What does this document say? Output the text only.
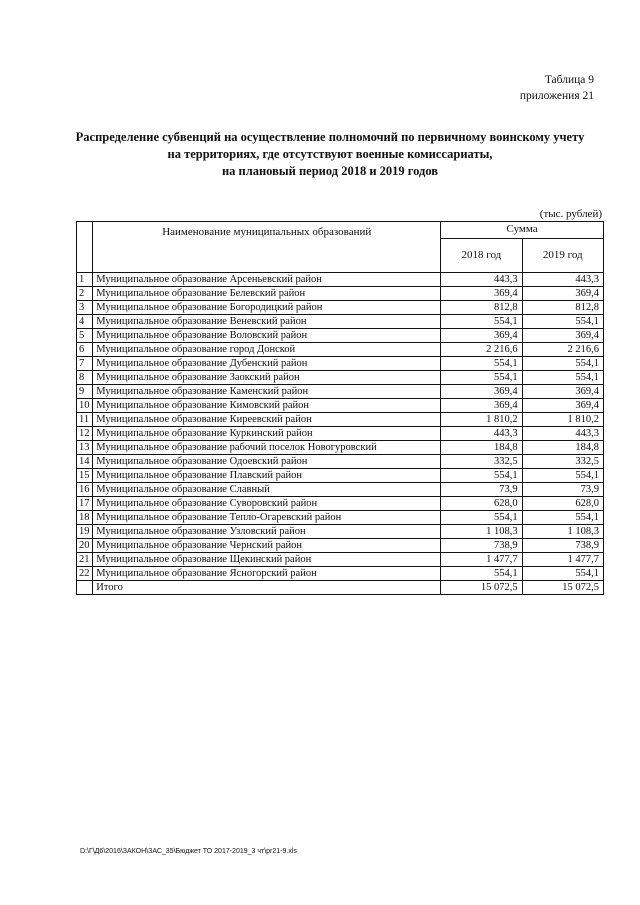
Таблица 9
приложения 21
Распределение субвенций на осуществление полномочий по первичному воинскому учету
на территориях, где отсутствуют военные комиссариаты,
на плановый период 2018 и 2019 годов
(тыс. рублей)
	Наименование муниципальных образований	Сумма	
		2018 год	2019 год
1	Муниципальное образование Арсеньевский район	443,3	443,3
2	Муниципальное образование Белевский район	369,4	369,4
3	Муниципальное образование Богородицкий район	812,8	812,8
4	Муниципальное образование Веневский район	554,1	554,1
5	Муниципальное образование Воловский район	369,4	369,4
6	Муниципальное образование город Донской	2 216,6	2 216,6
7	Муниципальное образование Дубенский район	554,1	554,1
8	Муниципальное образование Заокский район	554,1	554,1
9	Муниципальное образование Каменский район	369,4	369,4
10	Муниципальное образование Кимовский район	369,4	369,4
11	Муниципальное образование Киреевский район	1 810,2	1 810,2
12	Муниципальное образование Куркинский район	443,3	443,3
13	Муниципальное образование рабочий поселок Новогуровский	184,8	184,8
14	Муниципальное образование Одоевский район	332,5	332,5
15	Муниципальное образование Плавский район	554,1	554,1
16	Муниципальное образование Славный	73,9	73,9
17	Муниципальное образование Суворовский район	628,0	628,0
18	Муниципальное образование Тепло-Огаревский район	554,1	554,1
19	Муниципальное образование Узловский район	1 108,3	1 108,3
20	Муниципальное образование Чернский район	738,9	738,9
21	Муниципальное образование Щекинский район	1 477,7	1 477,7
22	Муниципальное образование Ясногорский район	554,1	554,1
	Итого	15 072,5	15 072,5
D:\Г\Д6\2016\ЗАКОН\ЗАС_35\Бюджет ТО 2017-2019_3 чт\pr21-9.xls
